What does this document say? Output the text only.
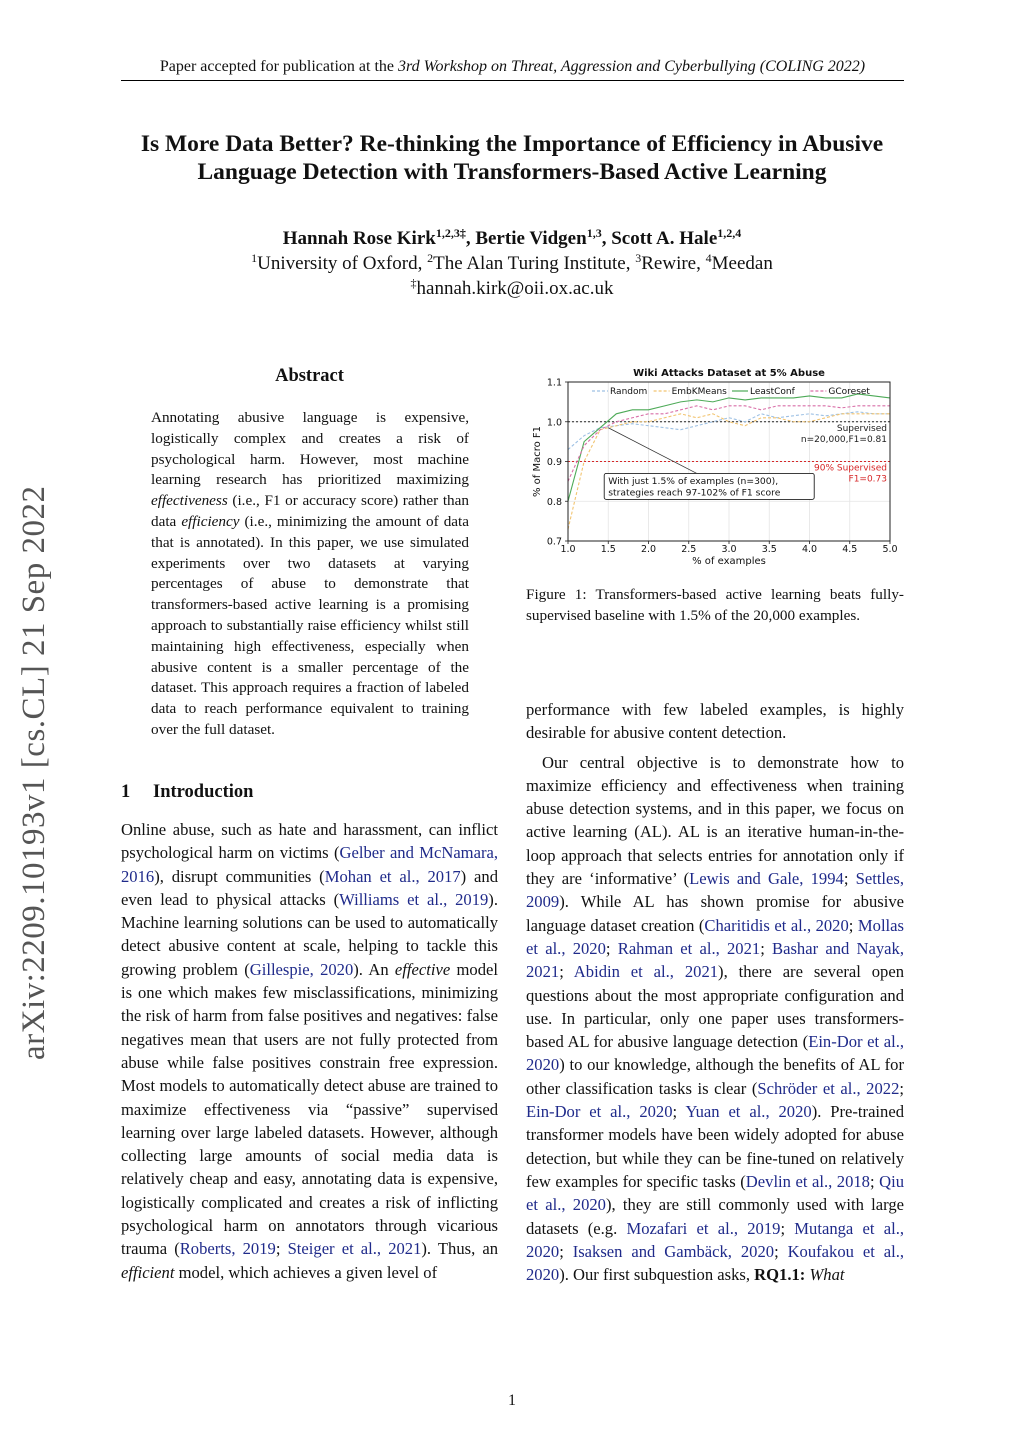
Paper accepted for publication at the 3rd Workshop on Threat, Aggression and Cyberbullying (COLING 2022)
Is More Data Better? Re-thinking the Importance of Efficiency in Abusive
Language Detection with Transformers-Based Active Learning
Hannah Rose Kirk$^{1,2,3\ddagger}$, Bertie Vidgen$^{1,3}$, Scott A. Hale$^{1,2,4}$
$^1$University of Oxford, $^2$The Alan Turing Institute, $^3$Rewire, $^4$Meedan
‡hannah.kirk@oii.ox.ac.uk
arXiv:2209.10193v1 [cs.CL] 21 Sep 2022
Abstract
Annotating abusive language is expensive, logistically complex and creates a risk of psychological harm. However, most machine learning research has prioritized maximizing effectiveness (i.e., F1 or accuracy score) rather than data efficiency (i.e., minimizing the amount of data that is annotated). In this paper, we use simulated experiments over two datasets at varying percentages of abuse to demonstrate that transformers-based active learning is a promising approach to substantially raise efficiency whilst still maintaining high effectiveness, especially when abusive content is a smaller percentage of the dataset. This approach requires a fraction of labeled data to reach performance equivalent to training over the full dataset.
1 Introduction

Online abuse, such as hate and harassment, can inflict psychological harm on victims (Gelber and McNamara, 2016), disrupt communities (Mohan et al., 2017) and even lead to physical attacks (Williams et al., 2019). Machine learning solutions can be used to automatically detect abusive content at scale, helping to tackle this growing problem (Gillespie, 2020). An effective model is one which makes few misclassifications, minimizing the risk of harm from false positives and negatives: false negatives mean that users are not fully protected from abuse while false positives constrain free expression. Most models to automatically detect abuse are trained to maximize effectiveness via “passive” supervised learning over large labeled datasets. However, although collecting large amounts of social media data is relatively cheap and easy, annotating data is expensive, logistically complicated and creates a risk of inflicting psychological harm on annotators through vicarious trauma (Roberts, 2019; Steiger et al., 2021). Thus, an efficient model, which achieves a given level of

1.0	1.5	2.0	2.5	3.0	3.5	4.0	4.5	5.0
0.7
0.8
0.9
1.0
1.1
Wiki Attacks Dataset at 5% Abuse
% of examples
% of Macro F1
Random	EmbKMeans	LeastConf	GCoreset
Supervised
n=20,000,F1=0.81
90% Supervised
F1=0.73
With just 1.5% of examples (n=300),
strategies reach 97-102% of F1 score
Figure 1: Transformers-based active learning beats fully-supervised baseline with 1.5% of the 20,000 examples.

performance with few labeled examples, is highly desirable for abusive content detection.

Our central objective is to demonstrate how to maximize efficiency and effectiveness when training abuse detection systems, and in this paper, we focus on active learning (AL). AL is an iterative human-in-the-loop approach that selects entries for annotation only if they are ‘informative’ (Lewis and Gale, 1994; Settles, 2009). While AL has shown promise for abusive language dataset creation (Charitidis et al., 2020; Mollas et al., 2020; Rahman et al., 2021; Bashar and Nayak, 2021; Abidin et al., 2021), there are several open questions about the most appropriate configuration and use. In particular, only one paper uses transformers-based AL for abusive language detection (Ein-Dor et al., 2020) to our knowledge, although the benefits of AL for other classification tasks is clear (Schröder et al., 2022; Ein-Dor et al., 2020; Yuan et al., 2020). Pre-trained transformer models have been widely adopted for abuse detection, but while they can be fine-tuned on relatively few examples for specific tasks (Devlin et al., 2018; Qiu et al., 2020), they are still commonly used with large datasets (e.g. Mozafari et al., 2019; Mutanga et al., 2020; Isaksen and Gambäck, 2020; Koufakou et al., 2020). Our first subquestion asks, RQ1.1: What

1
